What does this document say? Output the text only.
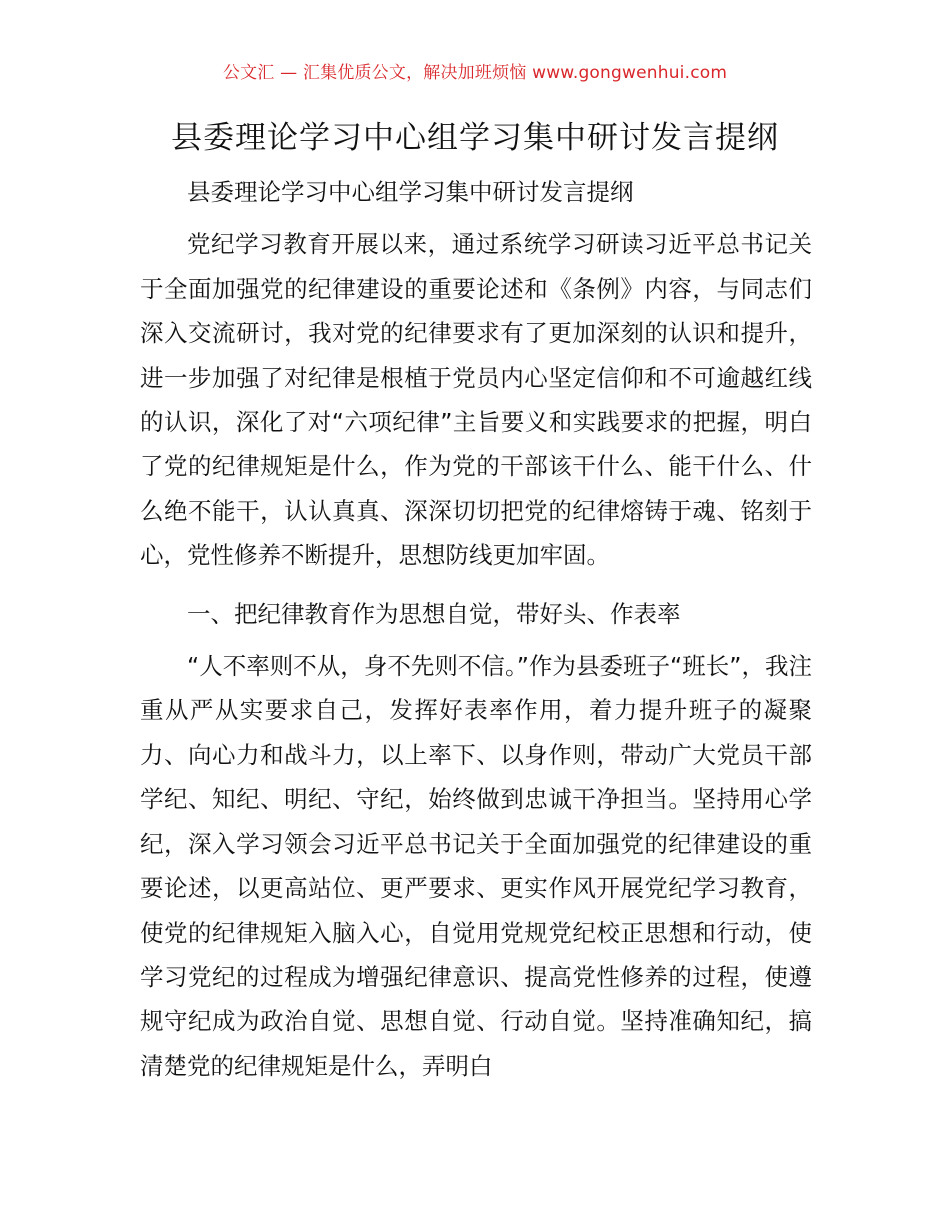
公文汇 — 汇集优质公文，解决加班烦恼 www.gongwenhui.com
县委理论学习中心组学习集中研讨发言提纲

县委理论学习中心组学习集中研讨发言提纲

党纪学习教育开展以来，通过系统学习研读习近平总书记关于全面加强党的纪律建设的重要论述和《条例》内容，与同志们深入交流研讨，我对党的纪律要求有了更加深刻的认识和提升，进一步加强了对纪律是根植于党员内心坚定信仰和不可逾越红线的认识，深化了对“六项纪律”主旨要义和实践要求的把握，明白了党的纪律规矩是什么，作为党的干部该干什么、能干什么、什么绝不能干，认认真真、深深切切把党的纪律熔铸于魂、铭刻于心，党性修养不断提升，思想防线更加牢固。

一、把纪律教育作为思想自觉，带好头、作表率

“人不率则不从，身不先则不信。”作为县委班子“班长”，我注重从严从实要求自己，发挥好表率作用，着力提升班子的凝聚力、向心力和战斗力，以上率下、以身作则，带动广大党员干部学纪、知纪、明纪、守纪，始终做到忠诚干净担当。坚持用心学纪，深入学习领会习近平总书记关于全面加强党的纪律建设的重要论述，以更高站位、更严要求、更实作风开展党纪学习教育，使党的纪律规矩入脑入心，自觉用党规党纪校正思想和行动，使学习党纪的过程成为增强纪律意识、提高党性修养的过程，使遵规守纪成为政治自觉、思想自觉、行动自觉。坚持准确知纪，搞清楚党的纪律规矩是什么，弄明白
